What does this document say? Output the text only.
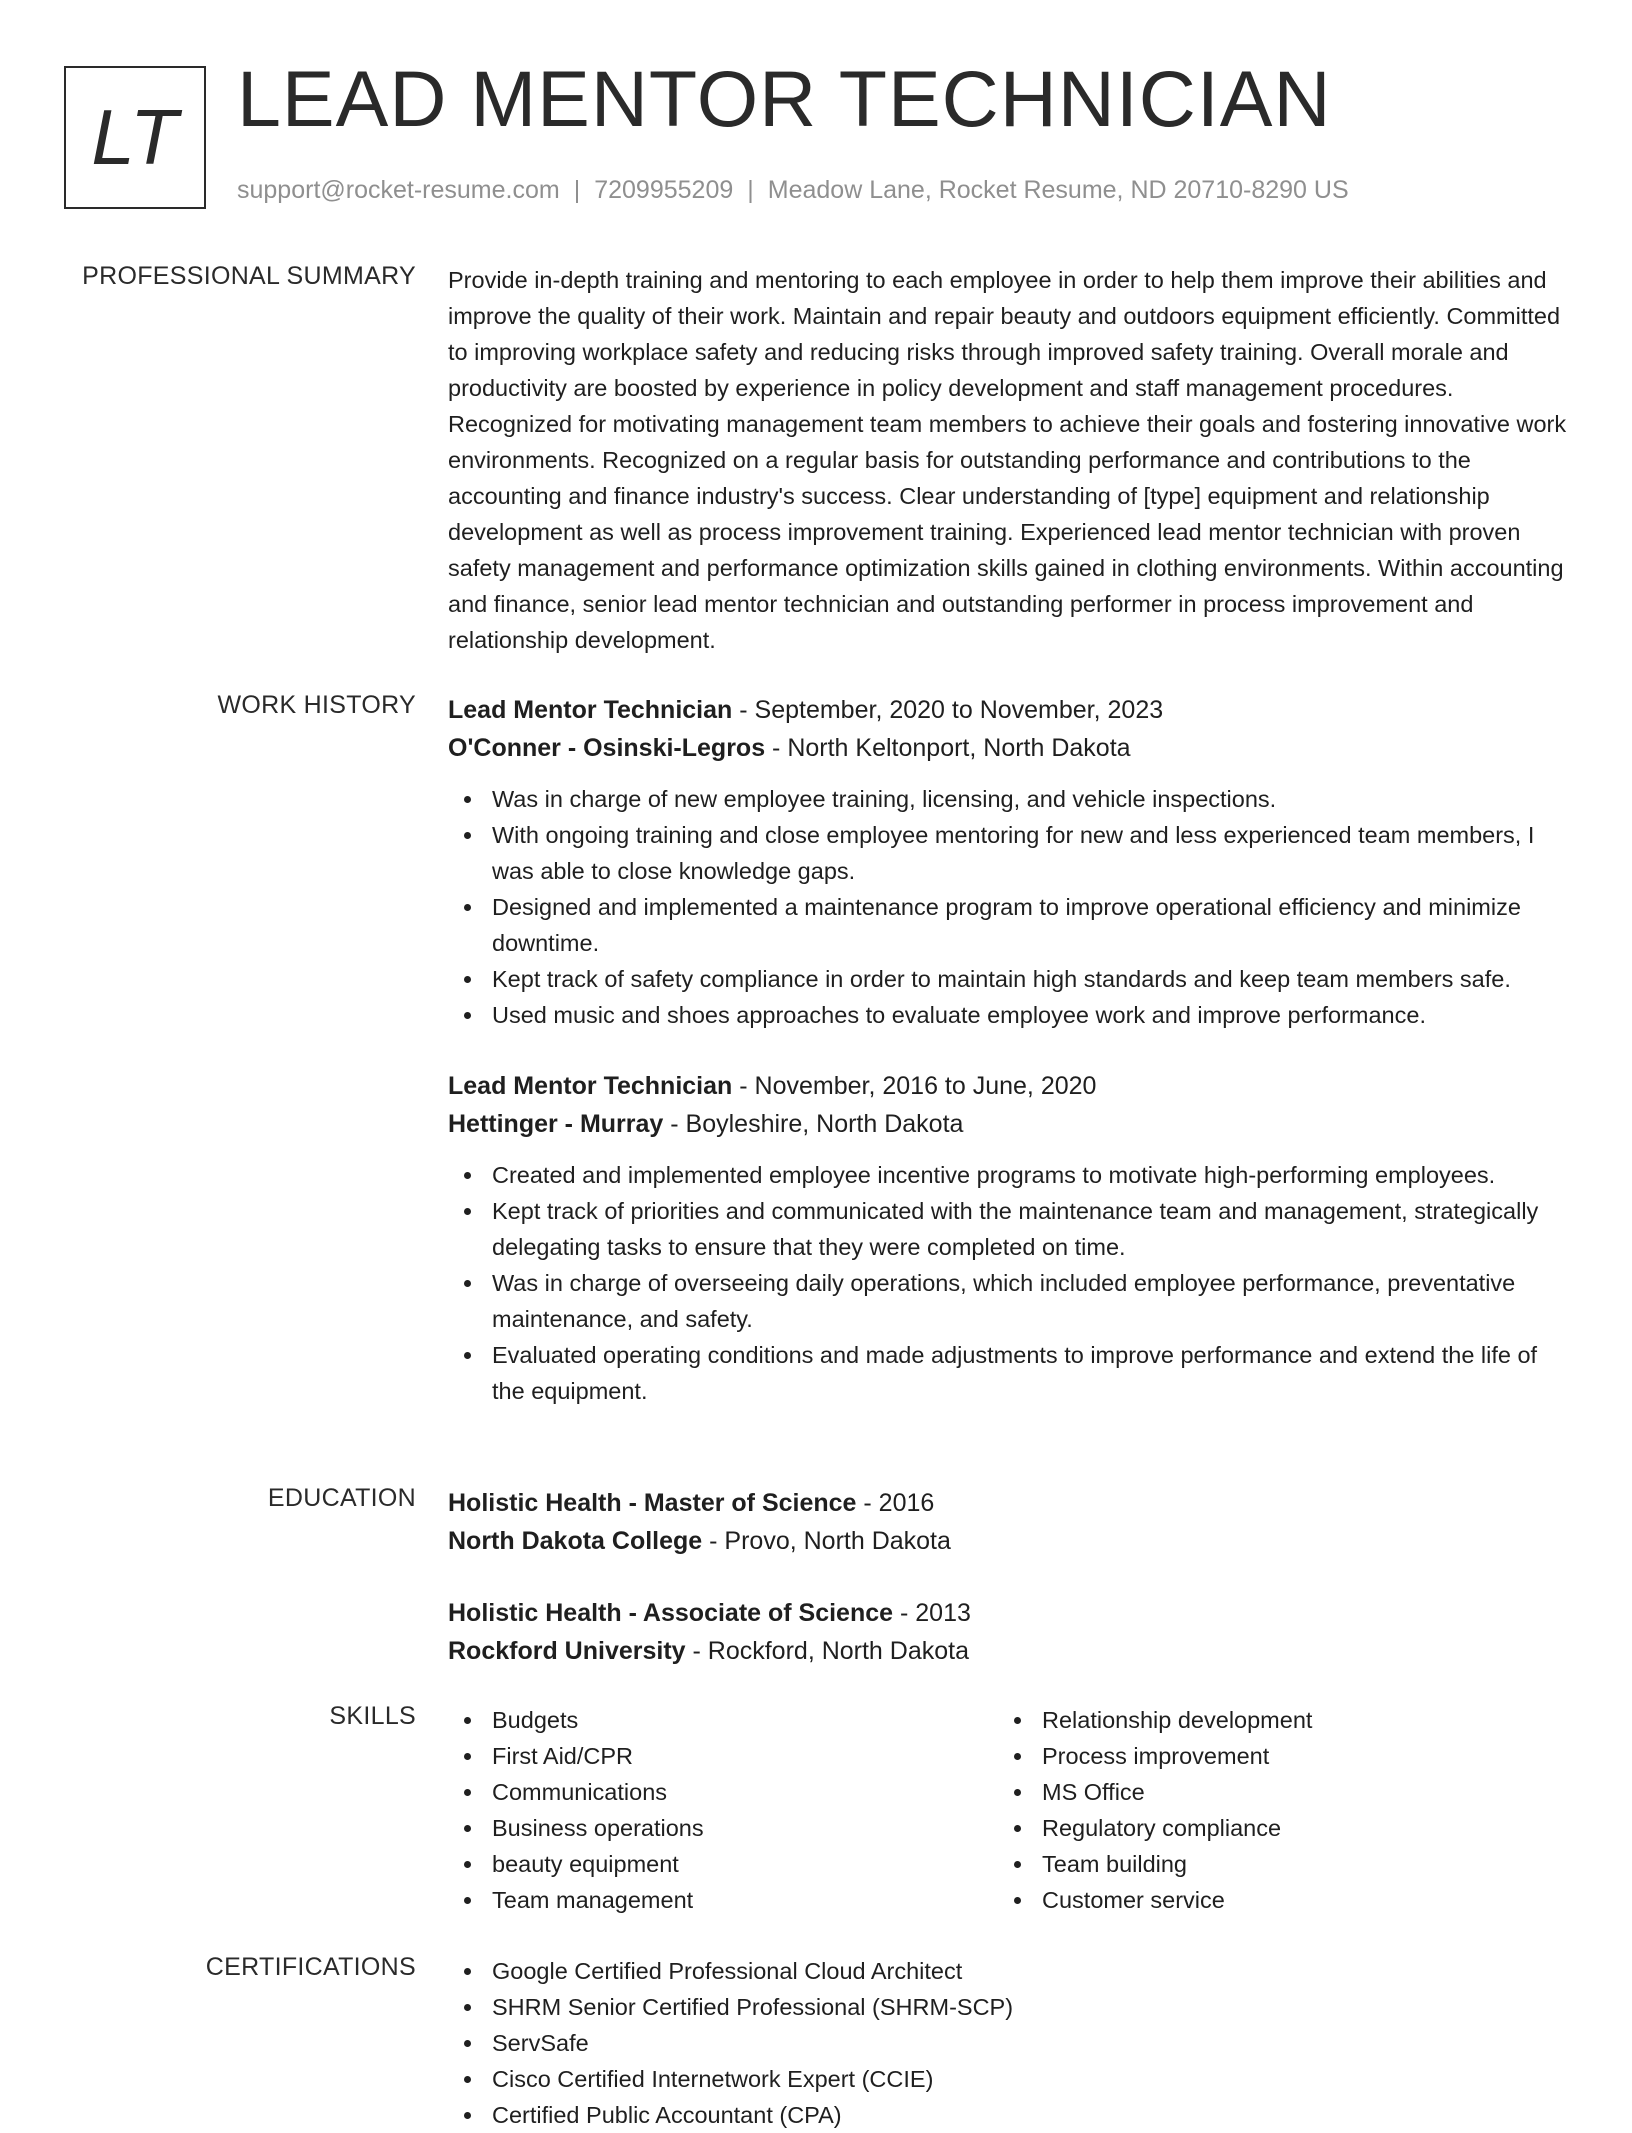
LT LEAD MENTOR TECHNICIAN
support@rocket-resume.com | 7209955209 | Meadow Lane, Rocket Resume, ND 20710-8290 US
PROFESSIONAL SUMMARY Provide in-depth training and mentoring to each employee in order to help them improve their abilities and improve the quality of their work. Maintain and repair beauty and outdoors equipment efficiently. Committed to improving workplace safety and reducing risks through improved safety training. Overall morale and productivity are boosted by experience in policy development and staff management procedures. Recognized for motivating management team members to achieve their goals and fostering innovative work environments. Recognized on a regular basis for outstanding performance and contributions to the accounting and finance industry's success. Clear understanding of [type] equipment and relationship development as well as process improvement training. Experienced lead mentor technician with proven safety management and performance optimization skills gained in clothing environments. Within accounting and finance, senior lead mentor technician and outstanding performer in process improvement and relationship development.

WORK HISTORY Lead Mentor Technician - September, 2020 to November, 2023
O'Conner - Osinski-Legros - North Keltonport, North Dakota
Was in charge of new employee training, licensing, and vehicle inspections.
With ongoing training and close employee mentoring for new and less experienced team members, I was able to close knowledge gaps.
Designed and implemented a maintenance program to improve operational efficiency and minimize downtime.
Kept track of safety compliance in order to maintain high standards and keep team members safe.
Used music and shoes approaches to evaluate employee work and improve performance.
Lead Mentor Technician - November, 2016 to June, 2020
Hettinger - Murray - Boyleshire, North Dakota
Created and implemented employee incentive programs to motivate high-performing employees.
Kept track of priorities and communicated with the maintenance team and management, strategically delegating tasks to ensure that they were completed on time.
Was in charge of overseeing daily operations, which included employee performance, preventative maintenance, and safety.
Evaluated operating conditions and made adjustments to improve performance and extend the life of the equipment.
EDUCATION Holistic Health - Master of Science - 2016
North Dakota College - Provo, North Dakota
Holistic Health - Associate of Science - 2013
Rockford University - Rockford, North Dakota
SKILLS	Budgets
First Aid/CPR
Communications
Business operations
beauty equipment
Team management
Relationship development
Process improvement
MS Office
Regulatory compliance
Team building
Customer service
CERTIFICATIONS	Google Certified Professional Cloud Architect
SHRM Senior Certified Professional (SHRM-SCP)
ServSafe
Cisco Certified Internetwork Expert (CCIE)
Certified Public Accountant (CPA)
